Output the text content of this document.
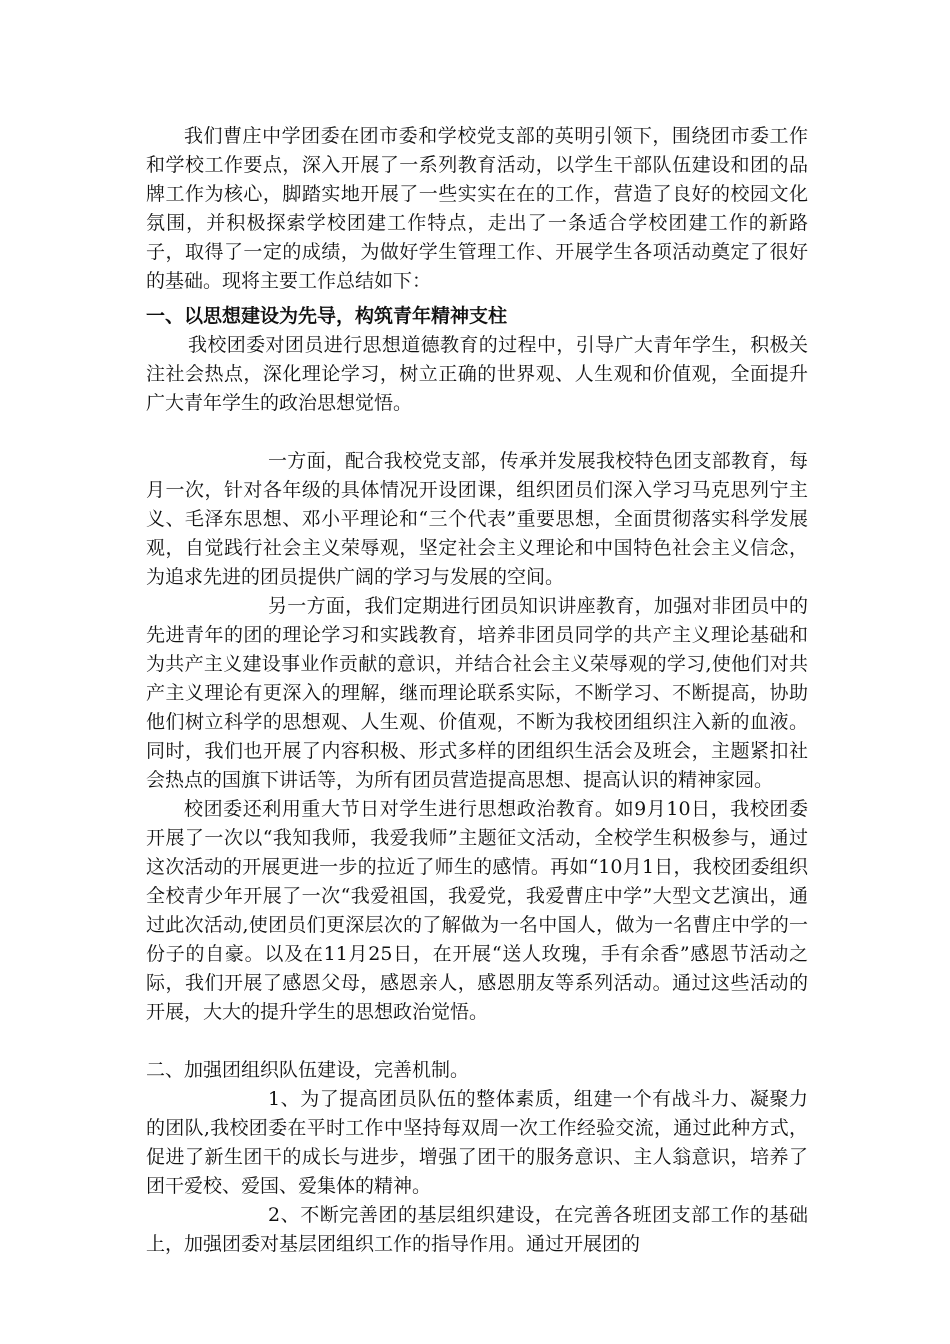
我们曹庄中学团委在团市委和学校党支部的英明引领下，围绕团市委工作和学校工作要点，深入开展了一系列教育活动，以学生干部队伍建设和团的品牌工作为核心，脚踏实地开展了一些实实在在的工作，营造了良好的校园文化氛围，并积极探索学校团建工作特点，走出了一条适合学校团建工作的新路子，取得了一定的成绩，为做好学生管理工作、开展学生各项活动奠定了很好的基础。现将主要工作总结如下：

一、以思想建设为先导，构筑青年精神支柱

我校团委对团员进行思想道德教育的过程中，引导广大青年学生，积极关注社会热点，深化理论学习，树立正确的世界观、人生观和价值观，全面提升广大青年学生的政治思想觉悟。

一方面，配合我校党支部，传承并发展我校特色团支部教育，每月一次，针对各年级的具体情况开设团课，组织团员们深入学习马克思列宁主义、毛泽东思想、邓小平理论和“三个代表”重要思想，全面贯彻落实科学发展观，自觉践行社会主义荣辱观，坚定社会主义理论和中国特色社会主义信念，为追求先进的团员提供广阔的学习与发展的空间。

另一方面，我们定期进行团员知识讲座教育，加强对非团员中的先进青年的团的理论学习和实践教育，培养非团员同学的共产主义理论基础和为共产主义建设事业作贡献的意识，并结合社会主义荣辱观的学习,使他们对共产主义理论有更深入的理解，继而理论联系实际，不断学习、不断提高，协助他们树立科学的思想观、人生观、价值观，不断为我校团组织注入新的血液。同时，我们也开展了内容积极、形式多样的团组织生活会及班会，主题紧扣社会热点的国旗下讲话等，为所有团员营造提高思想、提高认识的精神家园。

校团委还利用重大节日对学生进行思想政治教育。如9月10日，我校团委开展了一次以“我知我师，我爱我师”主题征文活动，全校学生积极参与，通过这次活动的开展更进一步的拉近了师生的感情。再如“10月1日，我校团委组织全校青少年开展了一次“我爱祖国，我爱党，我爱曹庄中学”大型文艺演出，通过此次活动,使团员们更深层次的了解做为一名中国人，做为一名曹庄中学的一份子的自豪。以及在11月25日，在开展“送人玫瑰，手有余香”感恩节活动之际，我们开展了感恩父母，感恩亲人，感恩朋友等系列活动。通过这些活动的开展，大大的提升学生的思想政治觉悟。

二、加强团组织队伍建设，完善机制。

1、为了提高团员队伍的整体素质，组建一个有战斗力、凝聚力的团队,我校团委在平时工作中坚持每双周一次工作经验交流，通过此种方式，促进了新生团干的成长与进步，增强了团干的服务意识、主人翁意识，培养了团干爱校、爱国、爱集体的精神。

2、不断完善团的基层组织建设，在完善各班团支部工作的基础上，加强团委对基层团组织工作的指导作用。通过开展团的
